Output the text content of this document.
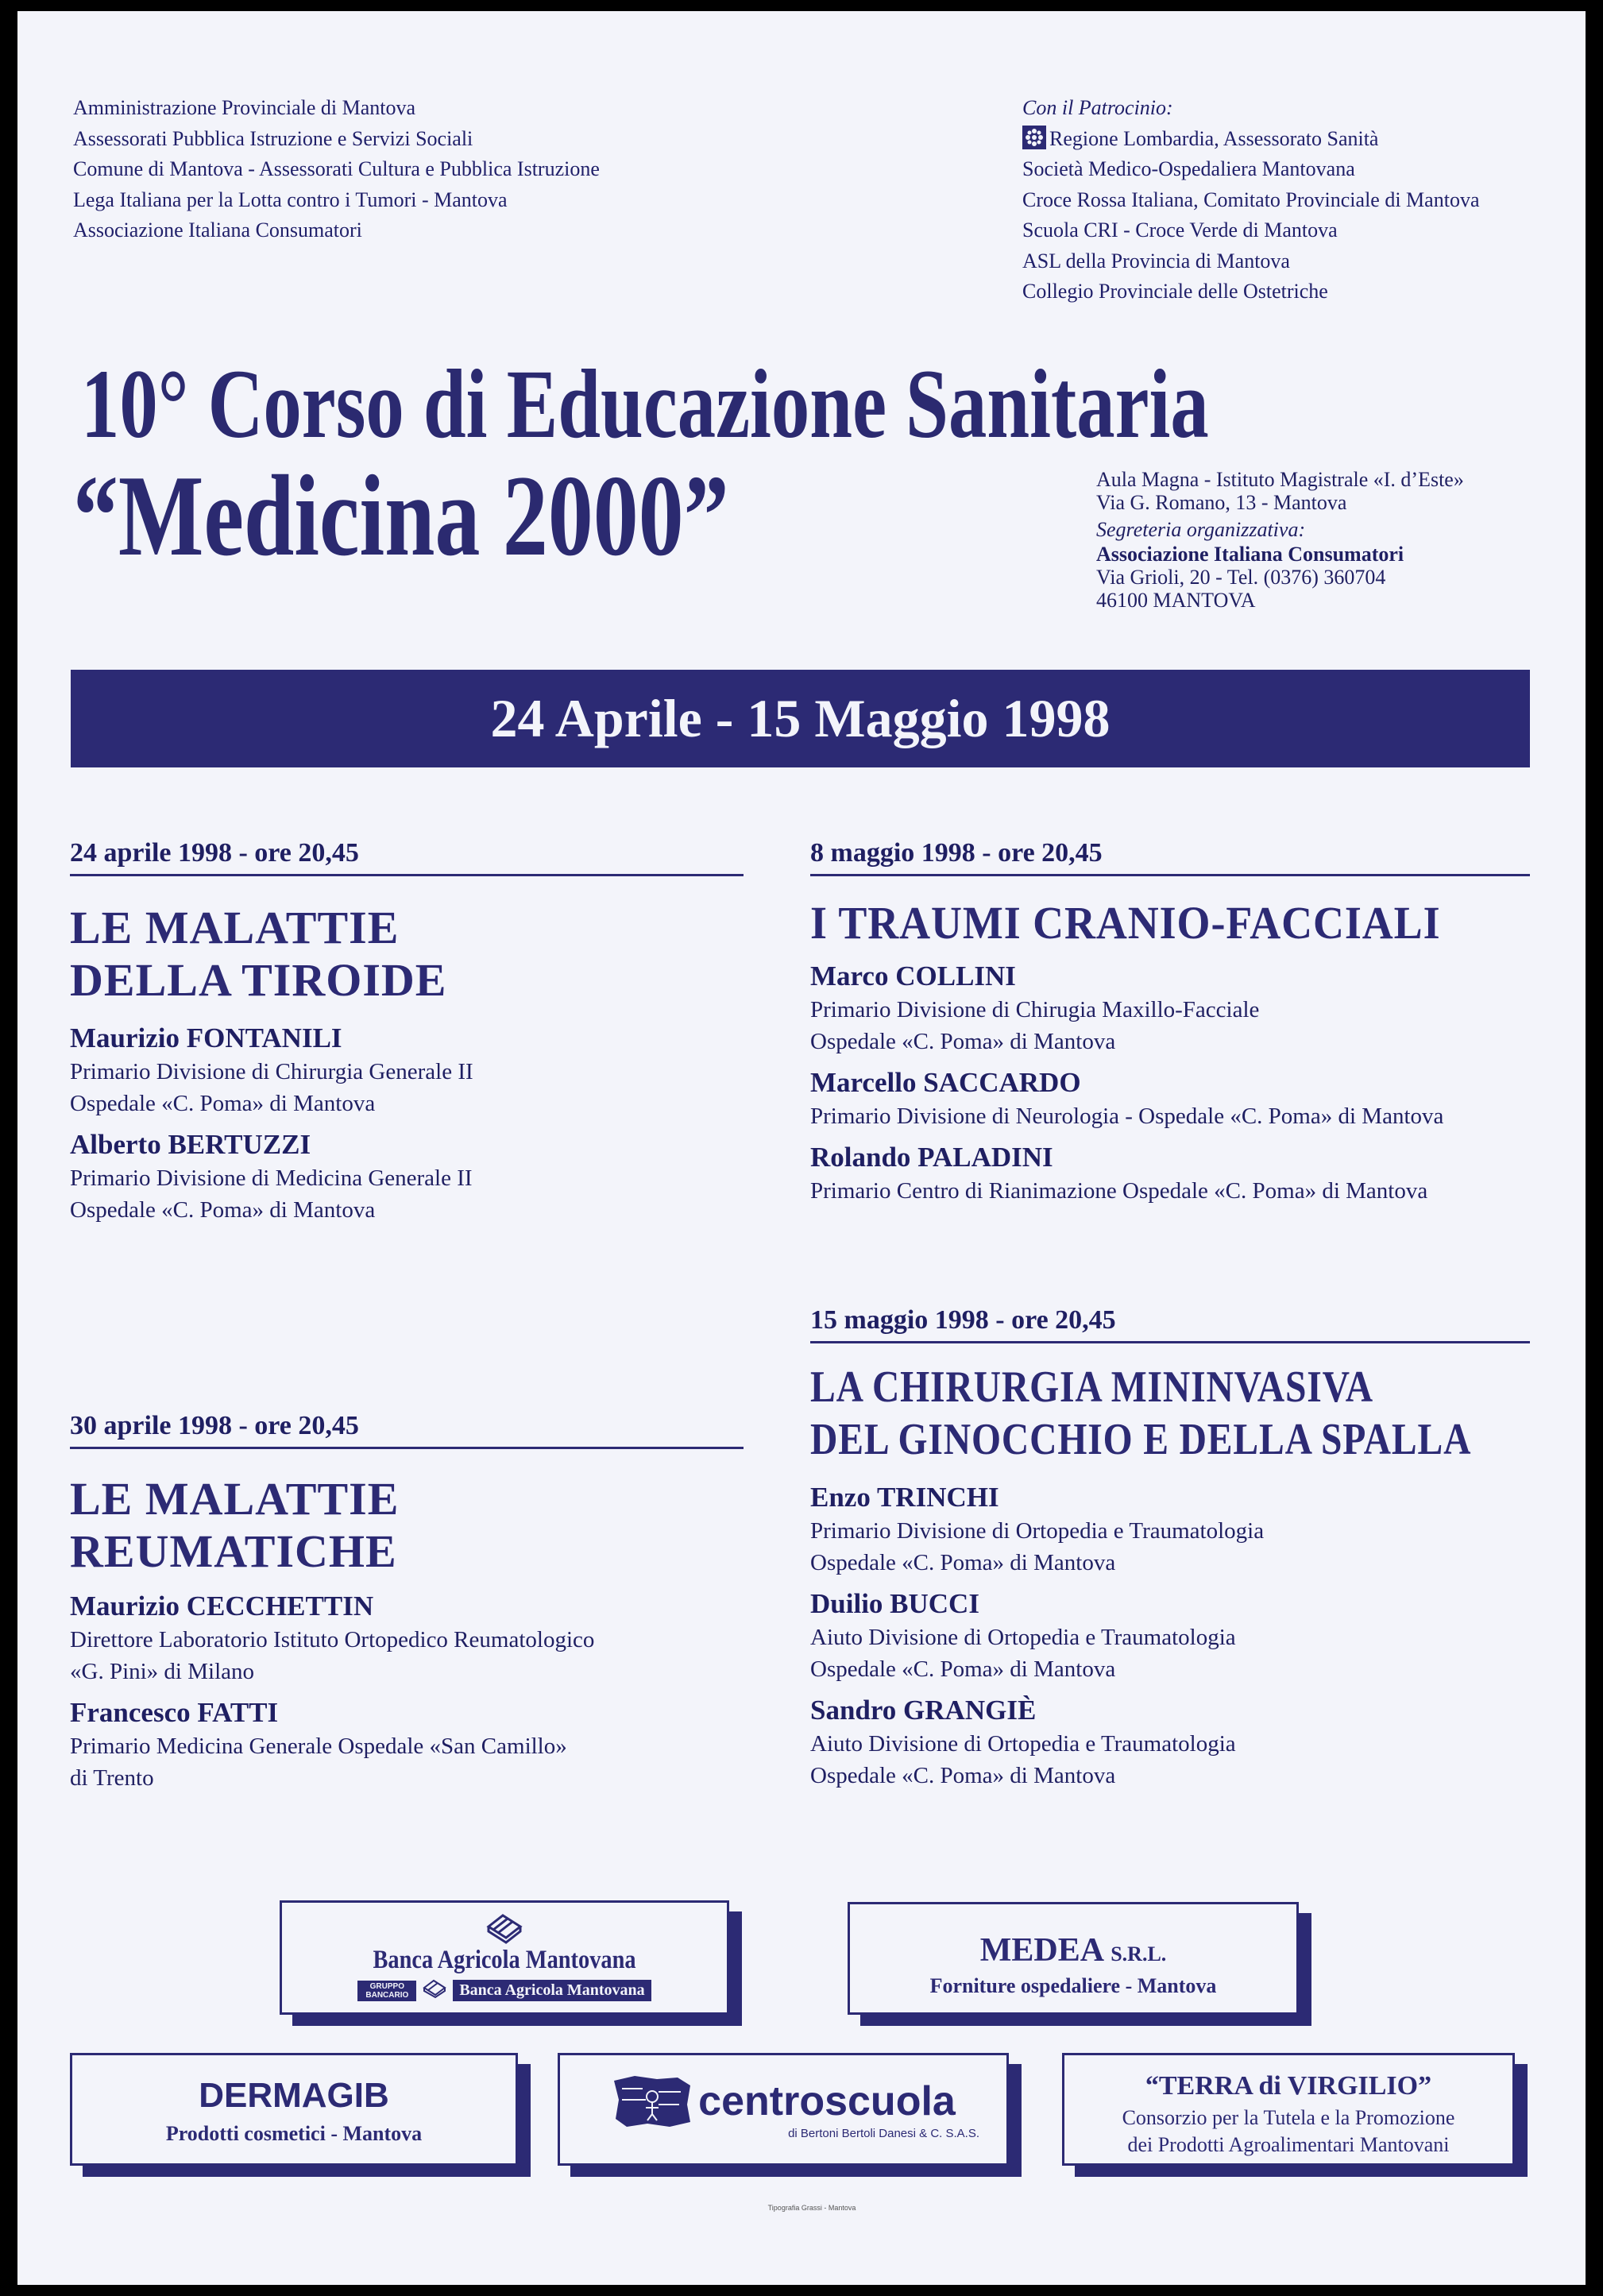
Amministrazione Provinciale di Mantova
Assessorati Pubblica Istruzione e Servizi Sociali
Comune di Mantova - Assessorati Cultura e Pubblica Istruzione
Lega Italiana per la Lotta contro i Tumori - Mantova
Associazione Italiana Consumatori
Con il Patrocinio:
Regione Lombardia, Assessorato Sanità
Società Medico-Ospedaliera Mantovana
Croce Rossa Italiana, Comitato Provinciale di Mantova
Scuola CRI - Croce Verde di Mantova
ASL della Provincia di Mantova
Collegio Provinciale delle Ostetriche
10° Corso di Educazione Sanitaria
“Medicina 2000”	Aula Magna - Istituto Magistrale «I. d’Este»
Via G. Romano, 13 - Mantova
Segreteria organizzativa:
Associazione Italiana Consumatori
Via Grioli, 20 - Tel. (0376) 360704
46100 MANTOVA
24 Aprile - 15 Maggio 1998
24 aprile 1998 - ore 20,45
LE MALATTIE
DELLA TIROIDE
Maurizio FONTANILI
Primario Divisione di Chirurgia Generale II
Ospedale «C. Poma» di Mantova
Alberto BERTUZZI
Primario Divisione di Medicina Generale II
Ospedale «C. Poma» di Mantova
30 aprile 1998 - ore 20,45
LE MALATTIE
REUMATICHE
Maurizio CECCHETTIN
Direttore Laboratorio Istituto Ortopedico Reumatologico
«G. Pini» di Milano
Francesco FATTI
Primario Medicina Generale Ospedale «San Camillo»
di Trento
8 maggio 1998 - ore 20,45
I TRAUMI CRANIO-FACCIALI
Marco COLLINI
Primario Divisione di Chirugia Maxillo-Facciale
Ospedale «C. Poma» di Mantova
Marcello SACCARDO
Primario Divisione di Neurologia - Ospedale «C. Poma» di Mantova
Rolando PALADINI
Primario Centro di Rianimazione Ospedale «C. Poma» di Mantova
15 maggio 1998 - ore 20,45
LA CHIRURGIA MININVASIVA
DEL GINOCCHIO E DELLA SPALLA
Enzo TRINCHI
Primario Divisione di Ortopedia e Traumatologia
Ospedale «C. Poma» di Mantova
Duilio BUCCI
Aiuto Divisione di Ortopedia e Traumatologia
Ospedale «C. Poma» di Mantova
Sandro GRANGIÈ
Aiuto Divisione di Ortopedia e Traumatologia
Ospedale «C. Poma» di Mantova
Banca Agricola Mantovana
GRUPPO BANCARIO	Banca Agricola Mantovana
MEDEA S.R.L.
Forniture ospedaliere - Mantova
DERMAGIB
Prodotti cosmetici - Mantova
centroscuola
di Bertoni Bertoli Danesi & C. S.A.S.
“TERRA di VIRGILIO”
Consorzio per la Tutela e la Promozione
dei Prodotti Agroalimentari Mantovani
Tipografia Grassi - Mantova
